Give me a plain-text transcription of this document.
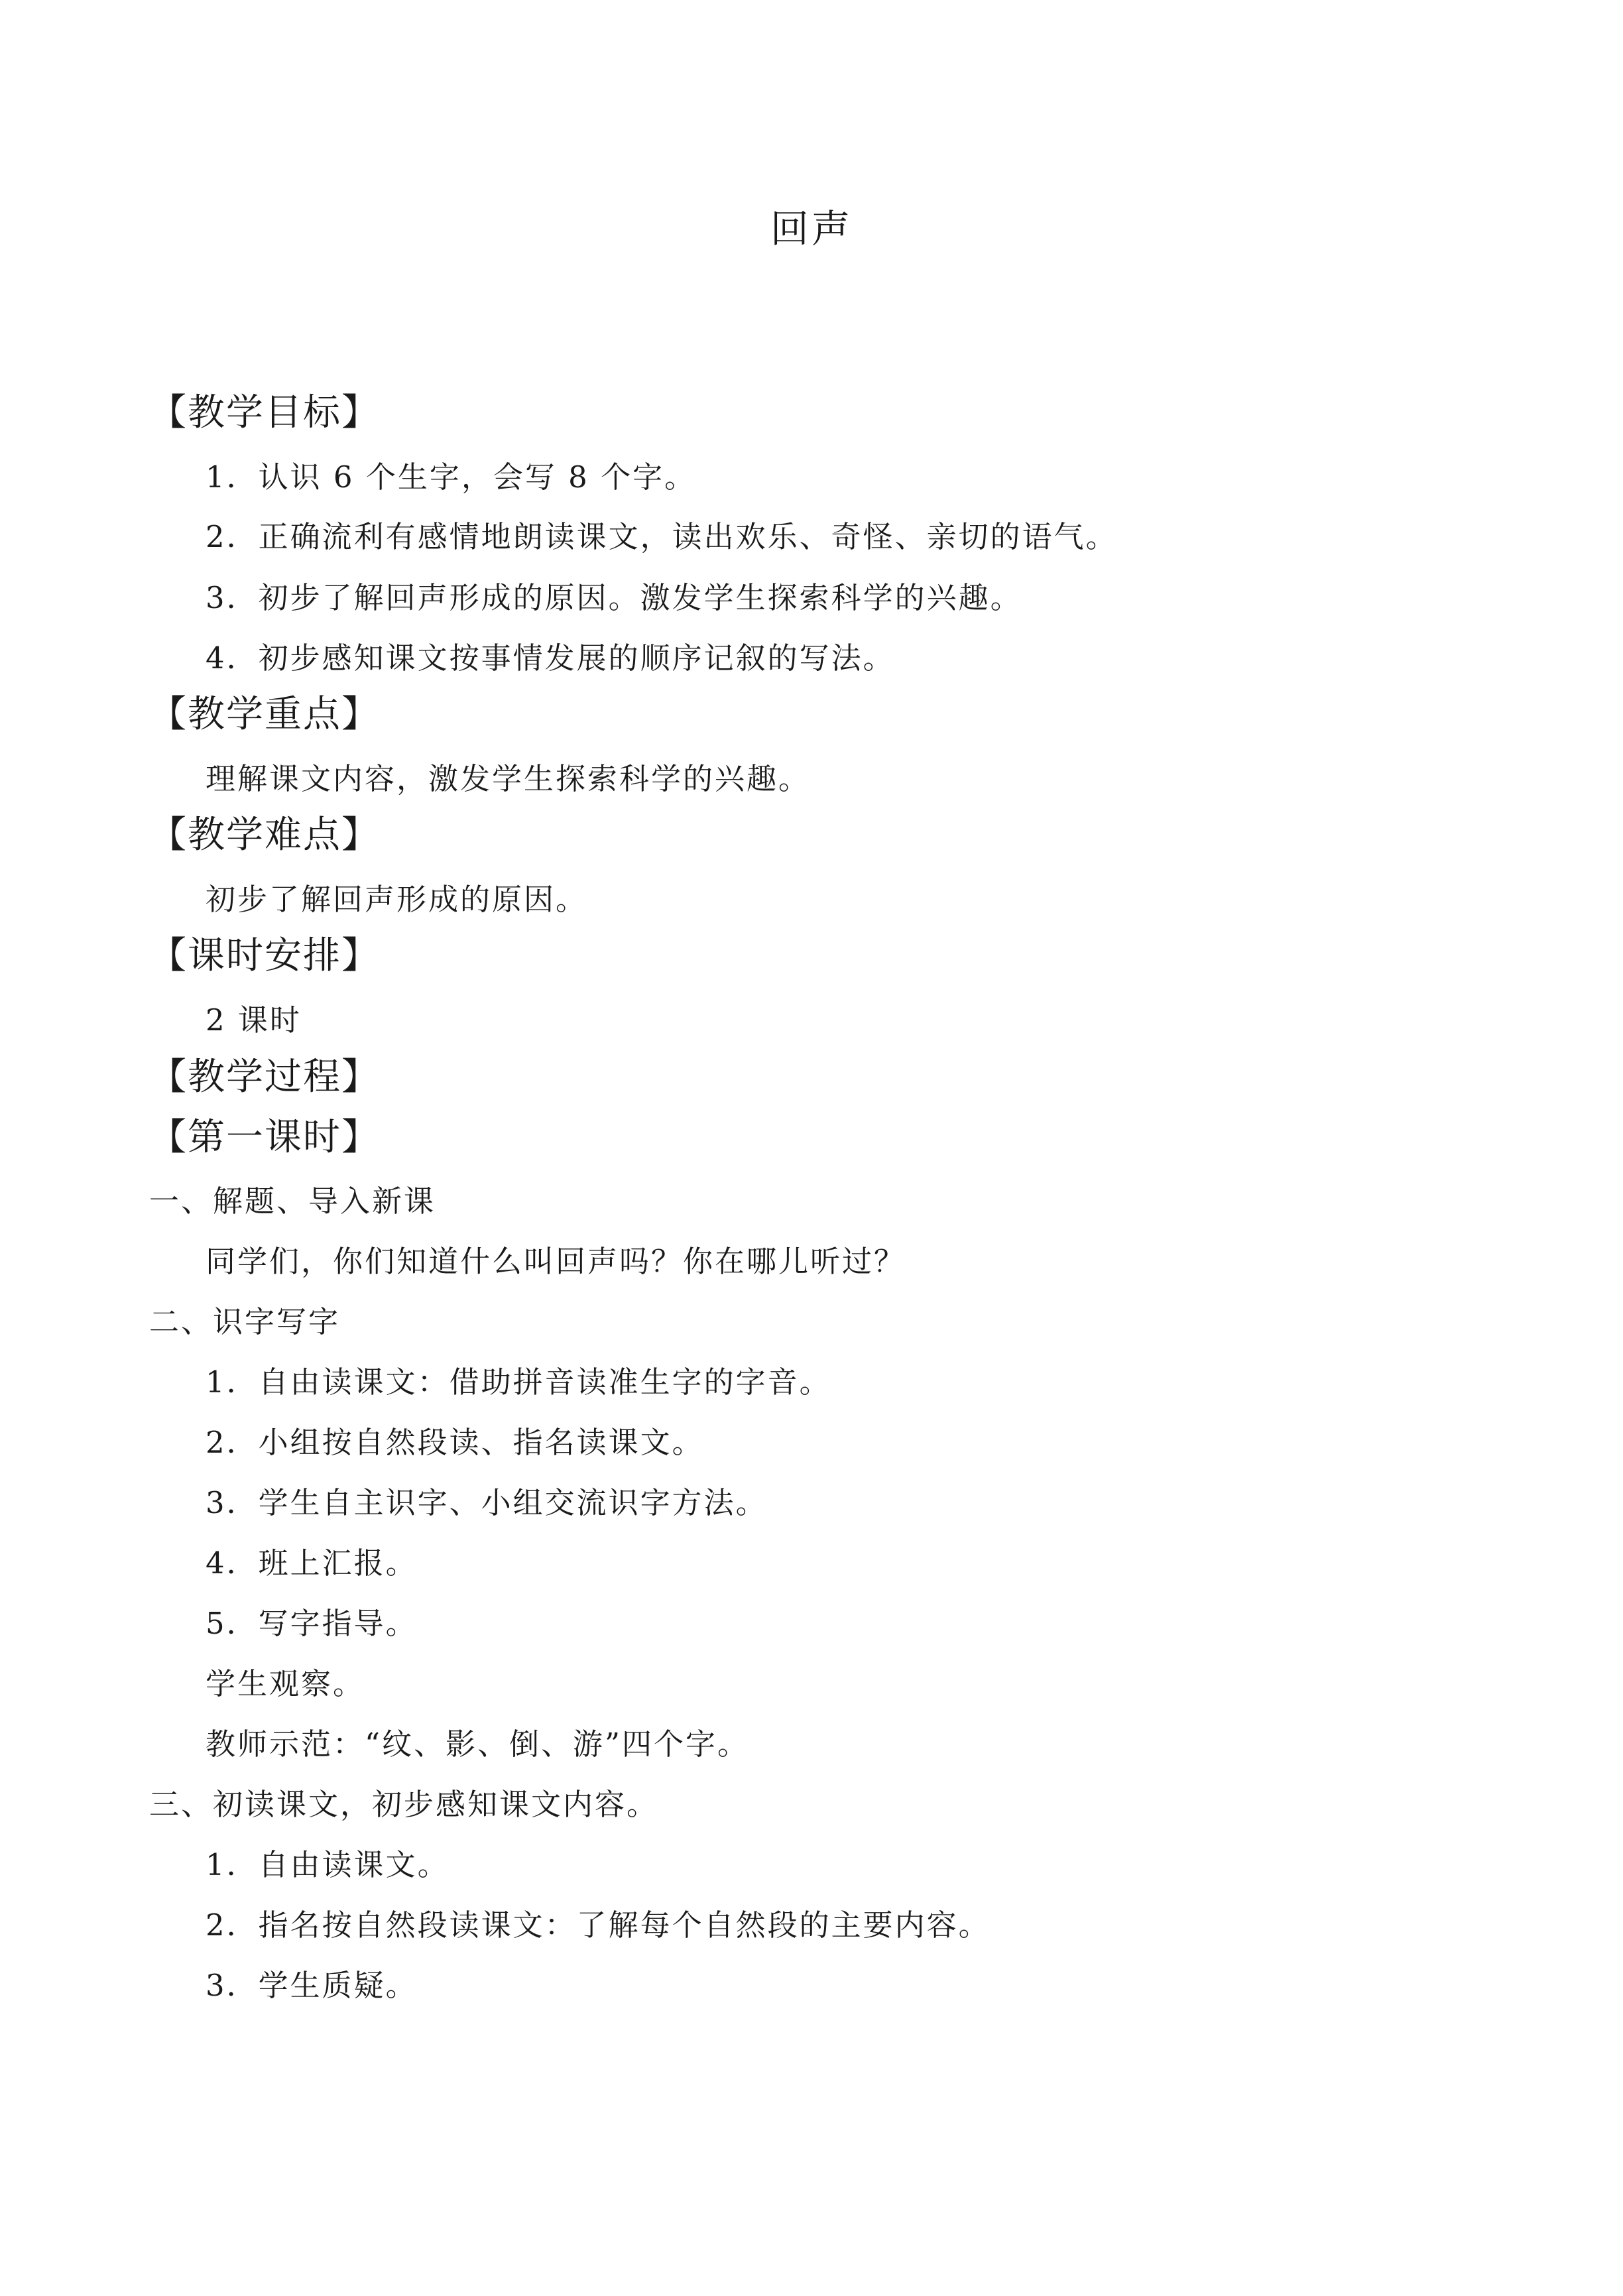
回声
【教学目标】
1．认识 6 个生字，会写 8 个字。
2．正确流利有感情地朗读课文，读出欢乐、奇怪、亲切的语气。
3．初步了解回声形成的原因。激发学生探索科学的兴趣。
4．初步感知课文按事情发展的顺序记叙的写法。
【教学重点】
理解课文内容，激发学生探索科学的兴趣。
【教学难点】
初步了解回声形成的原因。
【课时安排】
2 课时
【教学过程】
【第一课时】
一、解题、导入新课
同学们，你们知道什么叫回声吗？你在哪儿听过？
二、识字写字
1．自由读课文：借助拼音读准生字的字音。
2．小组按自然段读、指名读课文。
3．学生自主识字、小组交流识字方法。
4．班上汇报。
5．写字指导。
学生观察。
教师示范：“纹、影、倒、游”四个字。
三、初读课文，初步感知课文内容。
1．自由读课文。
2．指名按自然段读课文：了解每个自然段的主要内容。
3．学生质疑。
